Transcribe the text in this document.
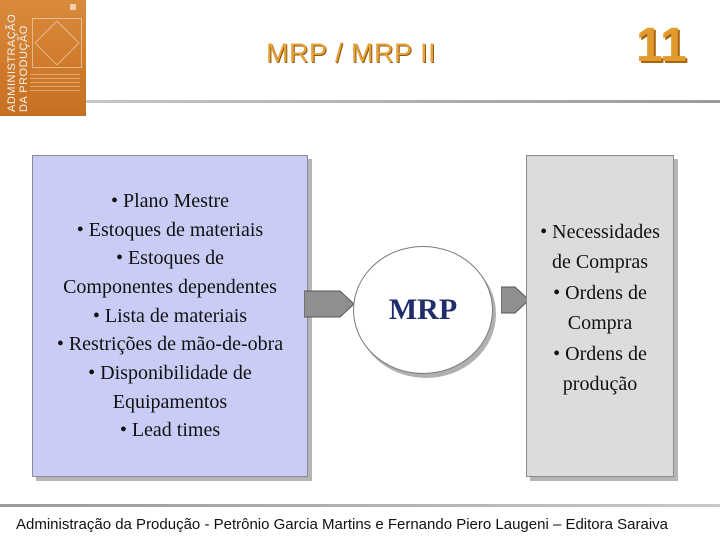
ADMINISTRAÇÃO DA PRODUÇÃO	MRP / MRP II	11
• Plano Mestre
• Estoques de materiais
• Estoques de
Componentes dependentes
• Lista de materiais
• Restrições de mão-de-obra
• Disponibilidade de
Equipamentos
• Lead times
MRP
• Necessidades
de Compras
• Ordens de
Compra
• Ordens de
produção
Administração da Produção - Petrônio Garcia Martins e Fernando Piero Laugeni – Editora Saraiva
